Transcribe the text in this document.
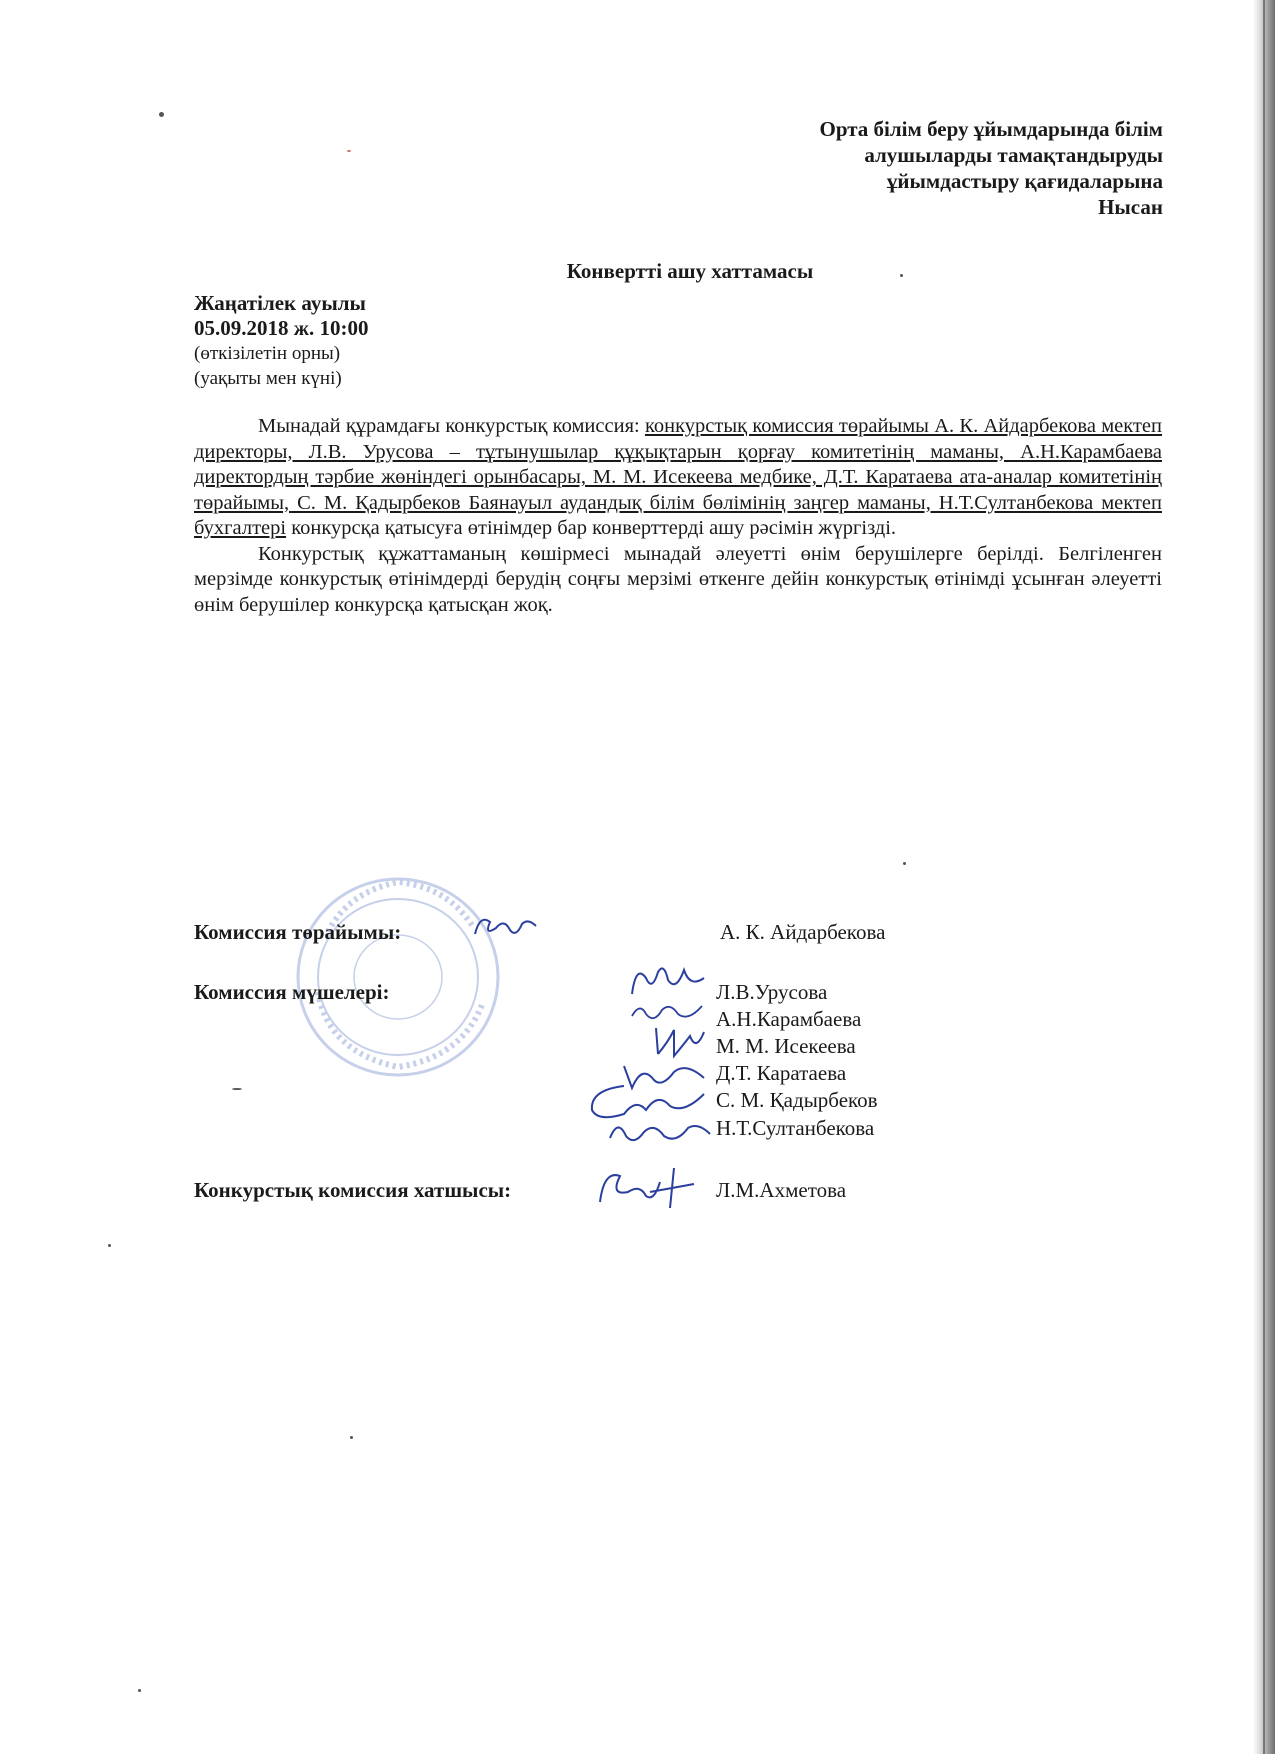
Орта білім беру ұйымдарында білім
алушыларды тамақтандыруды
ұйымдастыру қағидаларына
Нысан
Конвертті ашу хаттамасы
Жаңатілек ауылы
05.09.2018 ж. 10:00
(өткізілетін орны)
(уақыты мен күні)

Мынадай құрамдағы конкурстық комиссия: конкурстық комиссия төрайымы А. К. Айдарбекова мектеп директоры, Л.В. Урусова – тұтынушылар құқықтарын қорғау комитетінің маманы, А.Н.Карамбаева директордың тәрбие жөніндегі орынбасары, М. М. Исекеева медбике, Д.Т. Каратаева ата-аналар комитетінің төрайымы, С. М. Қадырбеков Баянауыл аудандық білім бөлімінің заңгер маманы, Н.Т.Султанбекова мектеп бухгалтері конкурсқа қатысуға өтінімдер бар конверттерді ашу рәсімін жүргізді.

Конкурстық құжаттаманың көшірмесі мынадай әлеуетті өнім берушілерге берілді. Белгіленген мерзімде конкурстық өтінімдерді берудің соңғы мерзімі өткенге дейін конкурстық өтінімді ұсынған әлеуетті өнім берушілер конкурсқа қатысқан жоқ.

Комиссия төрайымы:	А. К. Айдарбекова
Комиссия мүшелері:	Л.В.Урусова
А.Н.Карамбаева
М. М. Исекеева
Д.Т. Каратаева
С. М. Қадырбеков
Н.Т.Султанбекова
Конкурстық комиссия хатшысы:	Л.М.Ахметова
